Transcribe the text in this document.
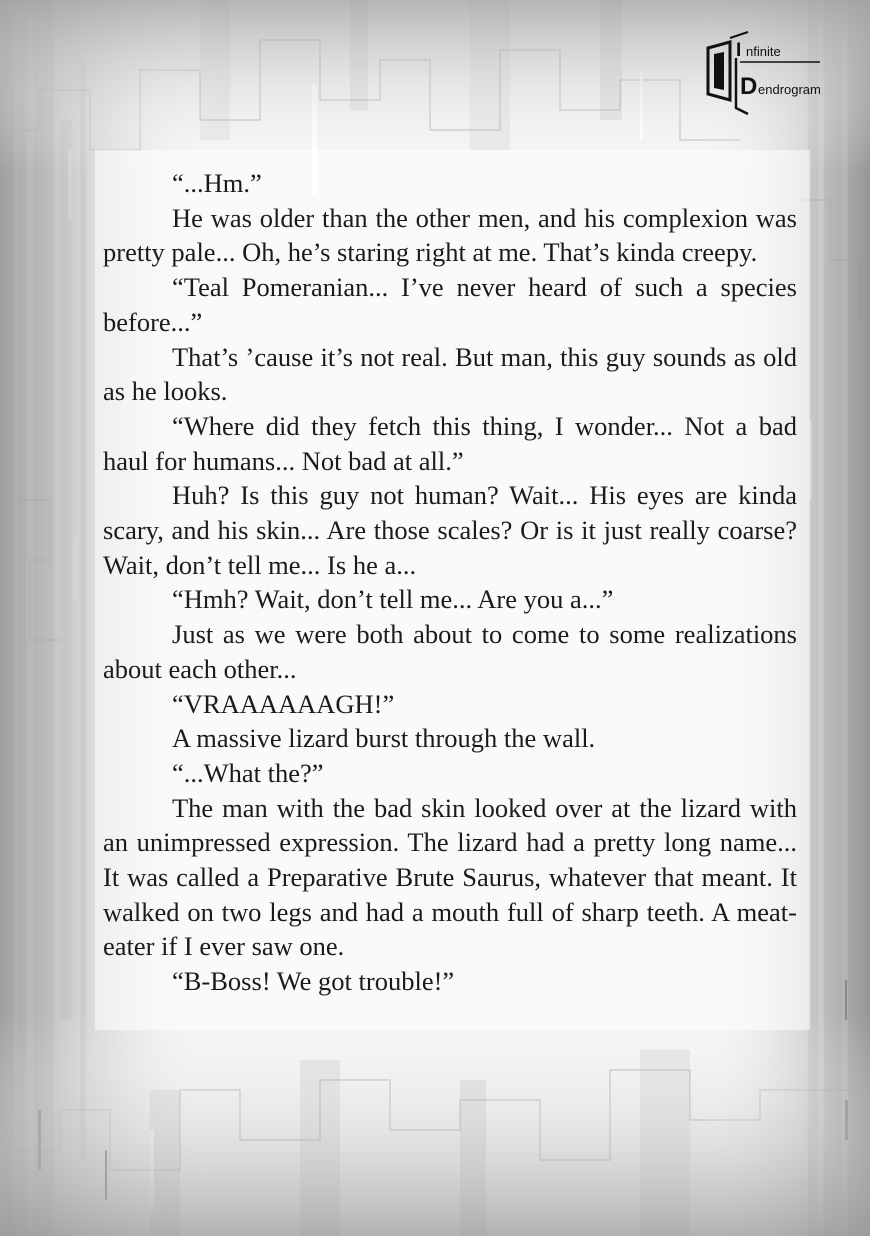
I nfinite
D endrogram

“...Hm.”

He was older than the other men, and his complexion was pretty pale... Oh, he’s staring right at me. That’s kinda creepy.

“Teal Pomeranian... I’ve never heard of such a species before...”

That’s ’cause it’s not real. But man, this guy sounds as old as he looks.

“Where did they fetch this thing, I wonder... Not a bad haul for humans... Not bad at all.”

Huh? Is this guy not human? Wait... His eyes are kinda scary, and his skin... Are those scales? Or is it just really coarse? Wait, don’t tell me... Is he a...

“Hmh? Wait, don’t tell me... Are you a...”

Just as we were both about to come to some realizations about each other...

“VRAAAAAAGH!”

A massive lizard burst through the wall.

“...What the?”

The man with the bad skin looked over at the lizard with an unimpressed expression. The lizard had a pretty long name... It was called a Preparative Brute Saurus, whatever that meant. It walked on two legs and had a mouth full of sharp teeth. A meat-eater if I ever saw one.

“B-Boss! We got trouble!”
